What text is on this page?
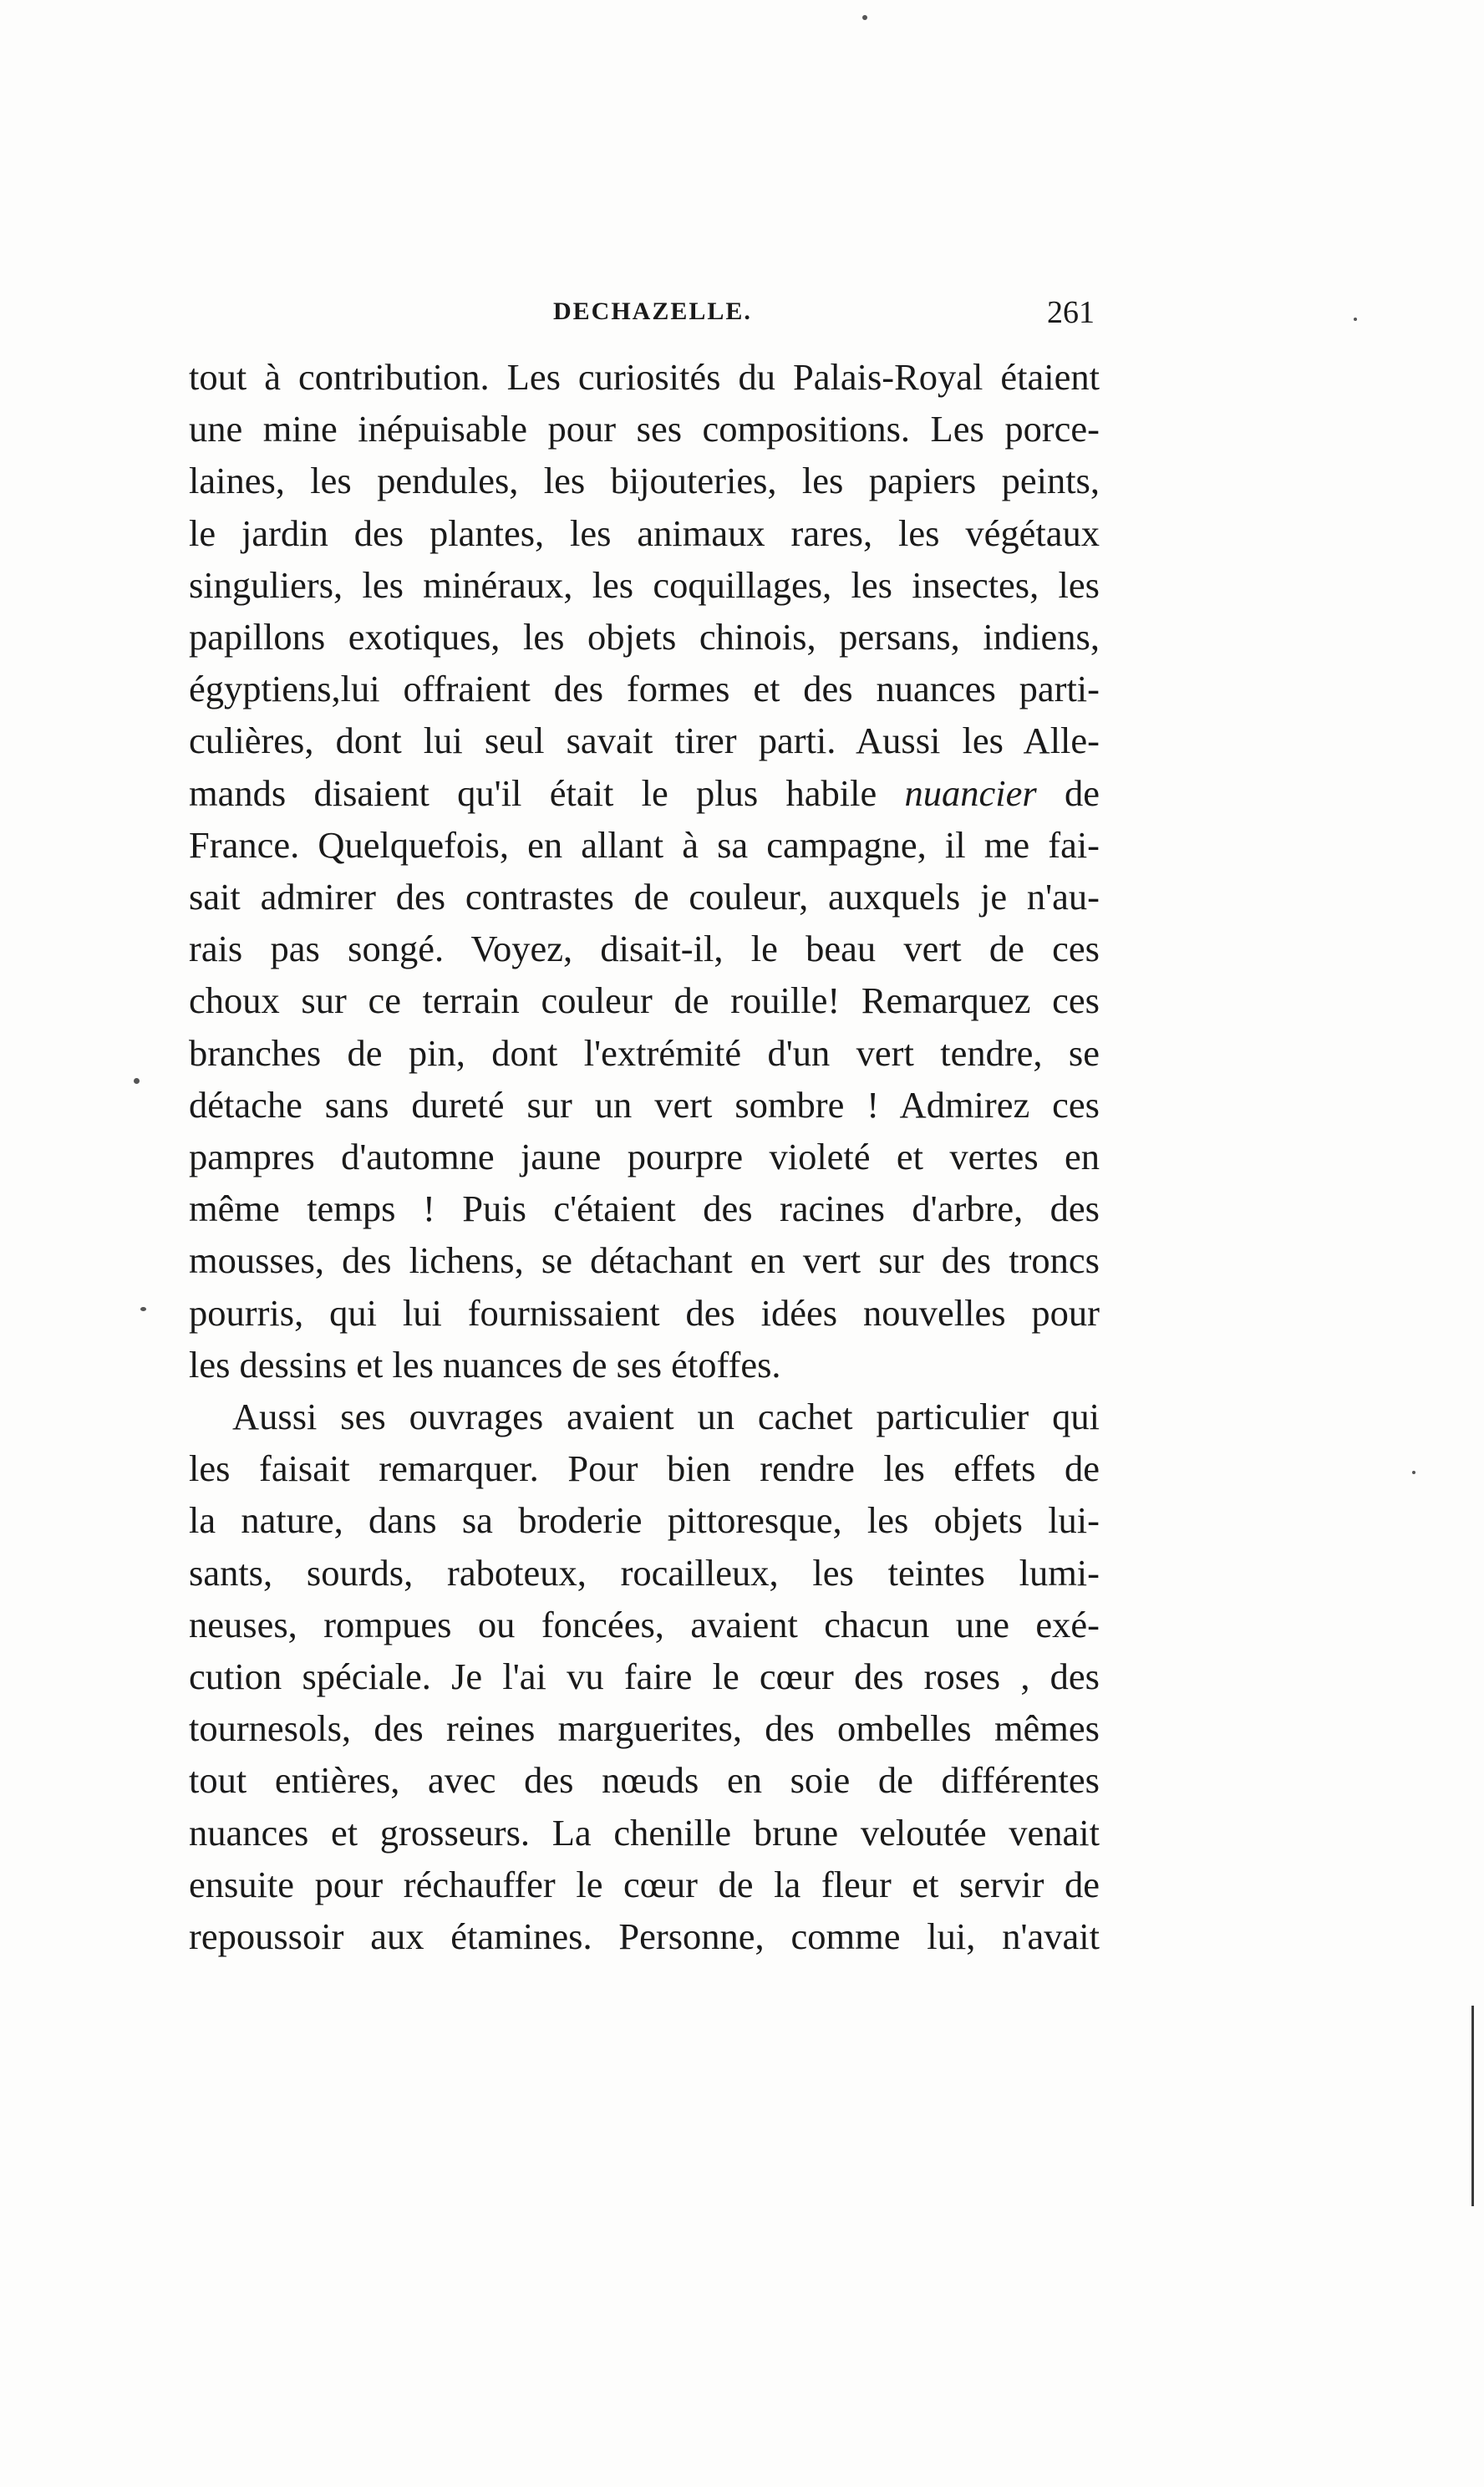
DECHAZELLE.	261
tout à contribution. Les curiosités du Palais-Royal étaient
une mine inépuisable pour ses compositions. Les porce-
laines, les pendules, les bijouteries, les papiers peints,
le jardin des plantes, les animaux rares, les végétaux
singuliers, les minéraux, les coquillages, les insectes, les
papillons exotiques, les objets chinois, persans, indiens,
égyptiens,lui offraient des formes et des nuances parti-
culières, dont lui seul savait tirer parti. Aussi les Alle-
mands disaient qu'il était le plus habile nuancier de
France. Quelquefois, en allant à sa campagne, il me fai-
sait admirer des contrastes de couleur, auxquels je n'au-
rais pas songé. Voyez, disait-il, le beau vert de ces
choux sur ce terrain couleur de rouille! Remarquez ces
branches de pin, dont l'extrémité d'un vert tendre, se
détache sans dureté sur un vert sombre ! Admirez ces
pampres d'automne jaune pourpre violeté et vertes en
même temps ! Puis c'étaient des racines d'arbre, des
mousses, des lichens, se détachant en vert sur des troncs
pourris, qui lui fournissaient des idées nouvelles pour
les dessins et les nuances de ses étoffes.
Aussi ses ouvrages avaient un cachet particulier qui
les faisait remarquer. Pour bien rendre les effets de
la nature, dans sa broderie pittoresque, les objets lui-
sants, sourds, raboteux, rocailleux, les teintes lumi-
neuses, rompues ou foncées, avaient chacun une exé-
cution spéciale. Je l'ai vu faire le cœur des roses , des
tournesols, des reines marguerites, des ombelles mêmes
tout entières, avec des nœuds en soie de différentes
nuances et grosseurs. La chenille brune veloutée venait
ensuite pour réchauffer le cœur de la fleur et servir de
repoussoir aux étamines. Personne, comme lui, n'avait
